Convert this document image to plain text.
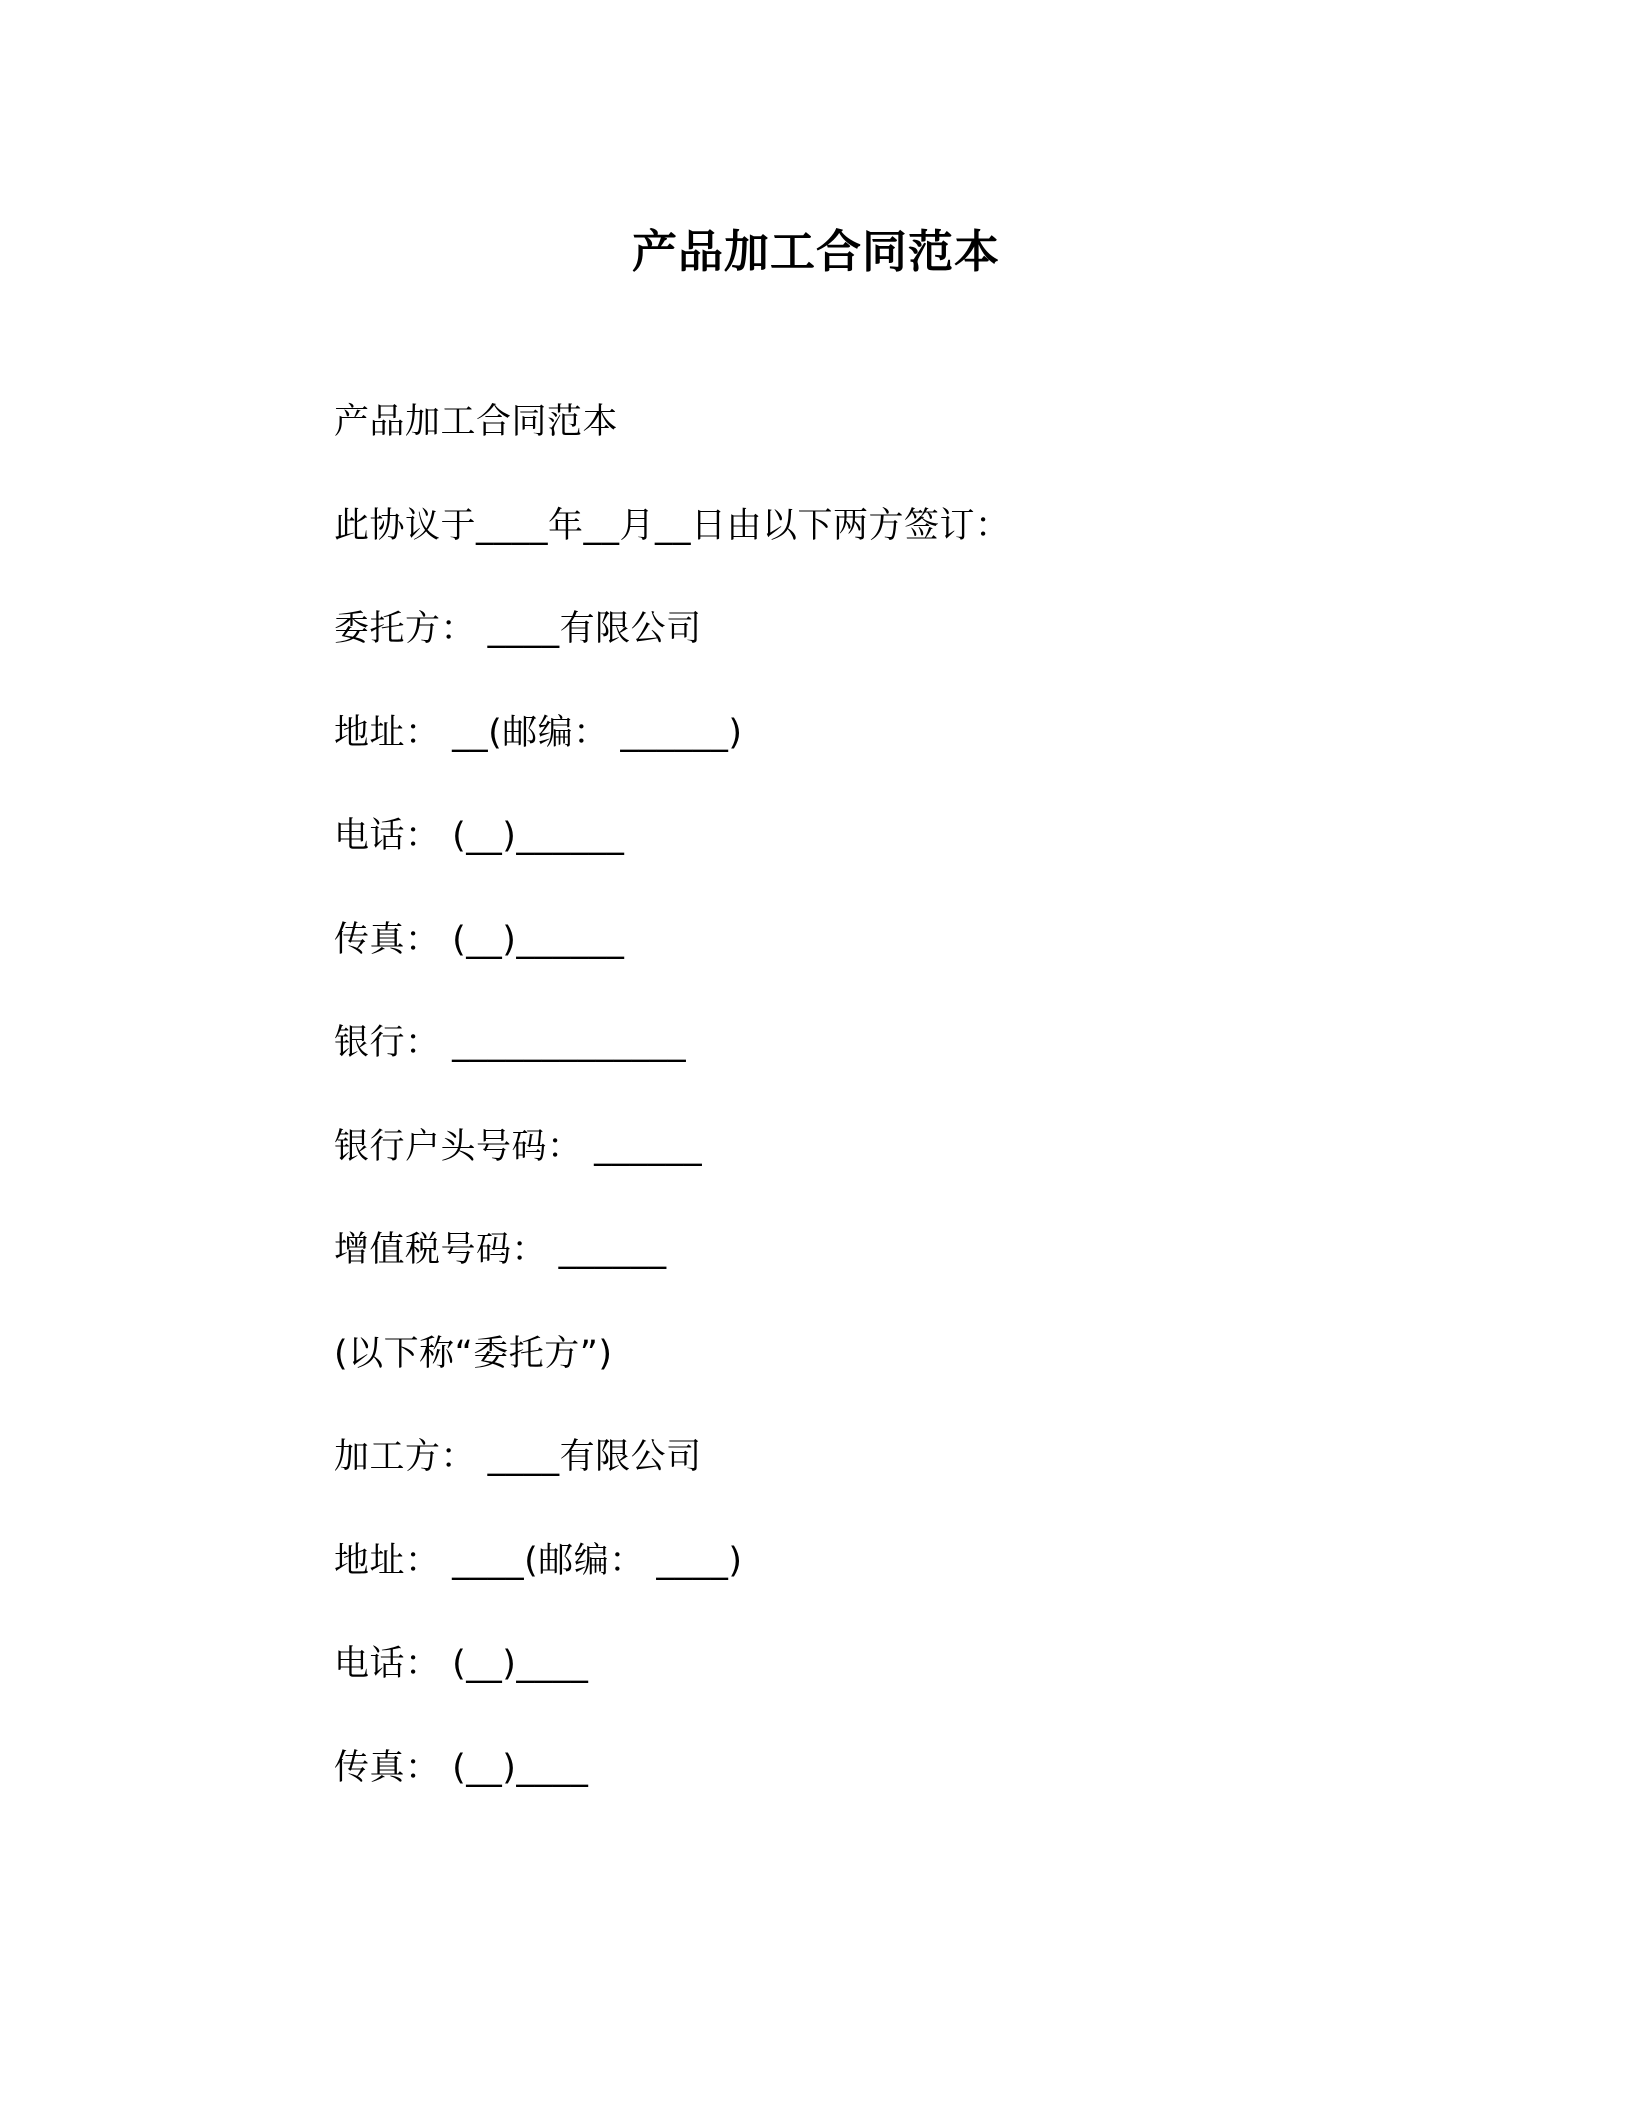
产品加工合同范本
产品加工合同范本
此协议于____年__月__日由以下两方签订：
委托方： ____有限公司
地址： __(邮编： ______)
电话： (__)______
传真： (__)______
银行： _____________
银行户头号码： ______
增值税号码： ______
(以下称“委托方”)
加工方： ____有限公司
地址： ____(邮编： ____)
电话： (__)____
传真： (__)____
